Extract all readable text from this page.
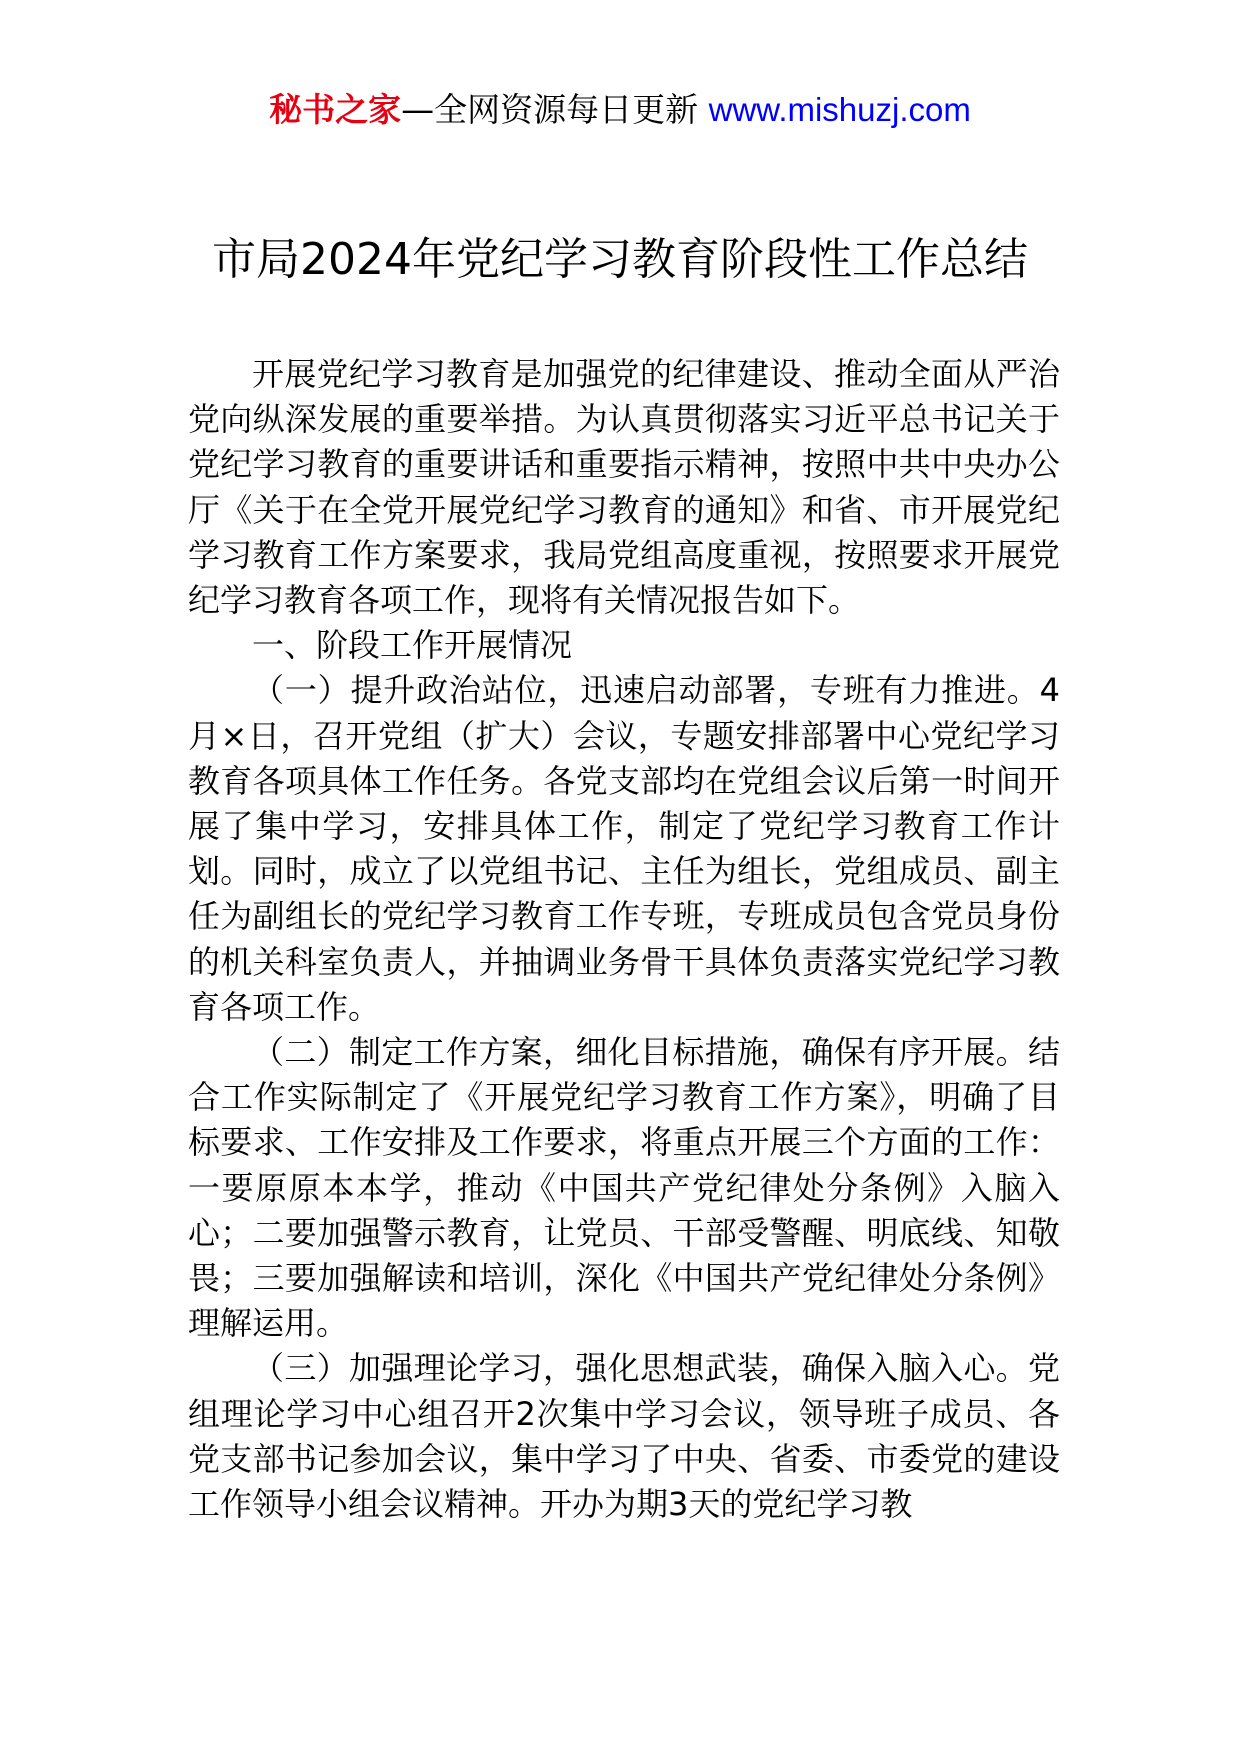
秘书之家—全网资源每日更新 www.mishuzj.com
市局2024年党纪学习教育阶段性工作总结

开展党纪学习教育是加强党的纪律建设、推动全面从严治党向纵深发展的重要举措。为认真贯彻落实习近平总书记关于党纪学习教育的重要讲话和重要指示精神，按照中共中央办公厅《关于在全党开展党纪学习教育的通知》和省、市开展党纪学习教育工作方案要求，我局党组高度重视，按照要求开展党纪学习教育各项工作，现将有关情况报告如下。

一、阶段工作开展情况

（一）提升政治站位，迅速启动部署，专班有力推进。4月×日，召开党组（扩大）会议，专题安排部署中心党纪学习教育各项具体工作任务。各党支部均在党组会议后第一时间开展了集中学习，安排具体工作，制定了党纪学习教育工作计划。同时，成立了以党组书记、主任为组长，党组成员、副主任为副组长的党纪学习教育工作专班，专班成员包含党员身份的机关科室负责人，并抽调业务骨干具体负责落实党纪学习教育各项工作。

（二）制定工作方案，细化目标措施，确保有序开展。结合工作实际制定了《开展党纪学习教育工作方案》，明确了目标要求、工作安排及工作要求，将重点开展三个方面的工作：一要原原本本学，推动《中国共产党纪律处分条例》入脑入心；二要加强警示教育，让党员、干部受警醒、明底线、知敬畏；三要加强解读和培训，深化《中国共产党纪律处分条例》理解运用。

（三）加强理论学习，强化思想武装，确保入脑入心。党组理论学习中心组召开2次集中学习会议，领导班子成员、各党支部书记参加会议，集中学习了中央、省委、市委党的建设工作领导小组会议精神。开办为期3天的党纪学习教
